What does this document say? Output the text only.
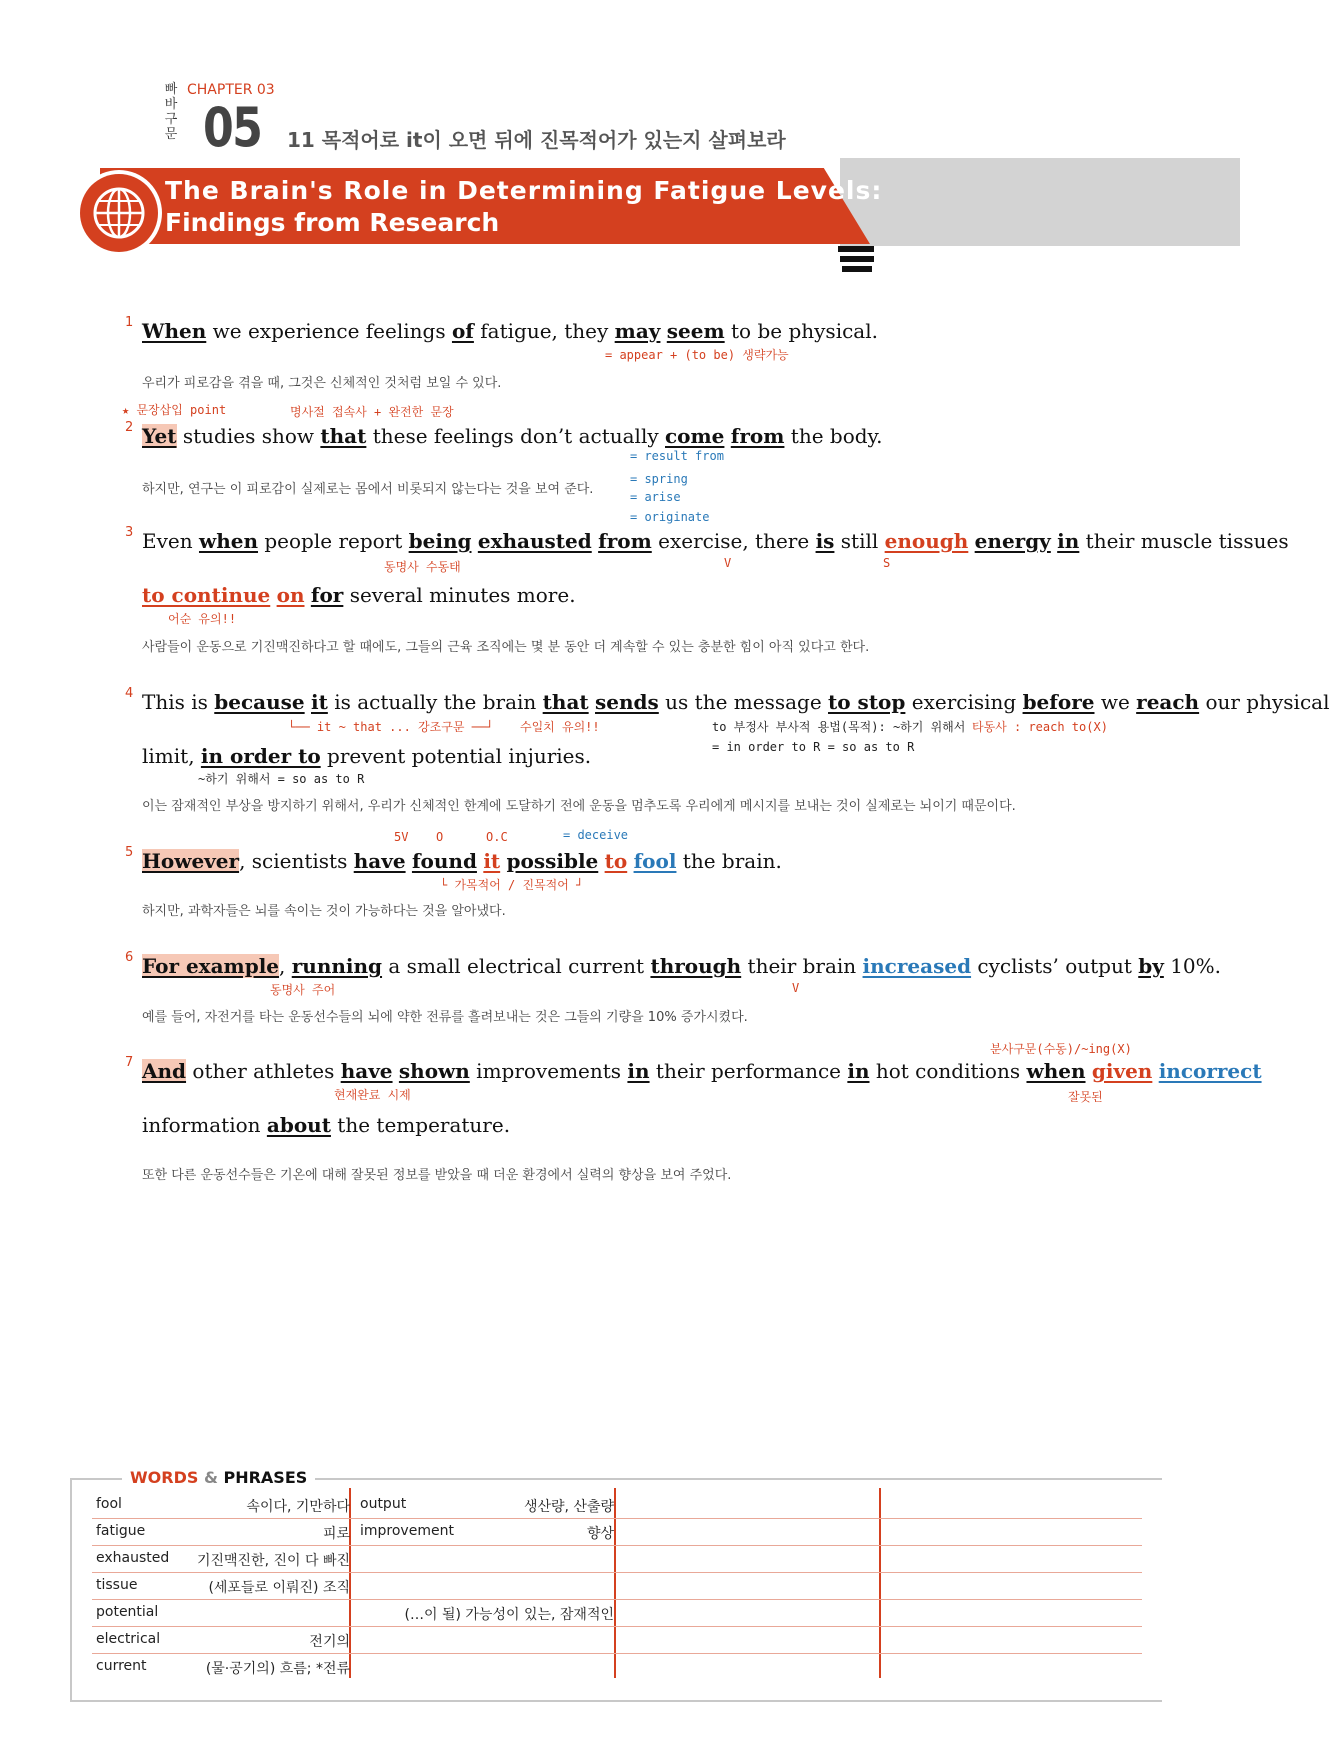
빠
바
구
문
CHAPTER 03
05 11 목적어로 it이 오면 뒤에 진목적어가 있는지 살펴보라
The Brain's Role in Determining Fatigue Levels:
Findings from Research
1 When we experience feelings of fatigue, they may seem to be physical.
= appear + (to be) 생략가능
우리가 피로감을 겪을 때, 그것은 신체적인 것처럼 보일 수 있다.
★ 문장삽입 point	명사절 접속사 + 완전한 문장
2 Yet studies show that these feelings don’t actually come from the body.
= result from
하지만, 연구는 이 피로감이 실제로는 몸에서 비롯되지 않는다는 것을 보여 준다.
= spring
= arise
= originate
3 Even when people report being exhausted from exercise, there is still enough energy in their muscle tissues
동명사 수동태	V	S
to continue on for several minutes more.
어순 유의!!
사람들이 운동으로 기진맥진하다고 할 때에도, 그들의 근육 조직에는 몇 분 동안 더 계속할 수 있는 충분한 힘이 아직 있다고 한다.
4 This is because it is actually the brain that sends us the message to stop exercising before we reach our physical
└── it ~ that ... 강조구문 ──┘ 수일치 유의!!	to 부정사 부사적 용법(목적): ~하기 위해서 타동사 : reach to(X)
= in order to R = so as to R
limit, in order to prevent potential injuries.
~하기 위해서 = so as to R
이는 잠재적인 부상을 방지하기 위해서, 우리가 신체적인 한계에 도달하기 전에 운동을 멈추도록 우리에게 메시지를 보내는 것이 실제로는 뇌이기 때문이다.
5V O	O.C	= deceive
5 However, scientists have found it possible to fool the brain.
└ 가목적어 / 진목적어 ┘
하지만, 과학자들은 뇌를 속이는 것이 가능하다는 것을 알아냈다.
6 For example, running a small electrical current through their brain increased cyclists’ output by 10%.
동명사 주어	V
예를 들어, 자전거를 타는 운동선수들의 뇌에 약한 전류를 흘려보내는 것은 그들의 기량을 10% 증가시켰다.
분사구문(수동)/~ing(X)
7 And other athletes have shown improvements in their performance in hot conditions when given incorrect
현재완료 시제	잘못된
information about the temperature.
또한 다른 운동선수들은 기온에 대해 잘못된 정보를 받았을 때 더운 환경에서 실력의 향상을 보여 주었다.
WORDS & PHRASES
fool	속이다, 기만하다 output	생산량, 산출량
fatigue	피로 improvement	향상
exhausted 기진맥진한, 진이 다 빠진
tissue	(세포들로 이뤄진) 조직
potential	(…이 될) 가능성이 있는, 잠재적인
electrical	전기의
current	(물·공기의) 흐름; *전류
